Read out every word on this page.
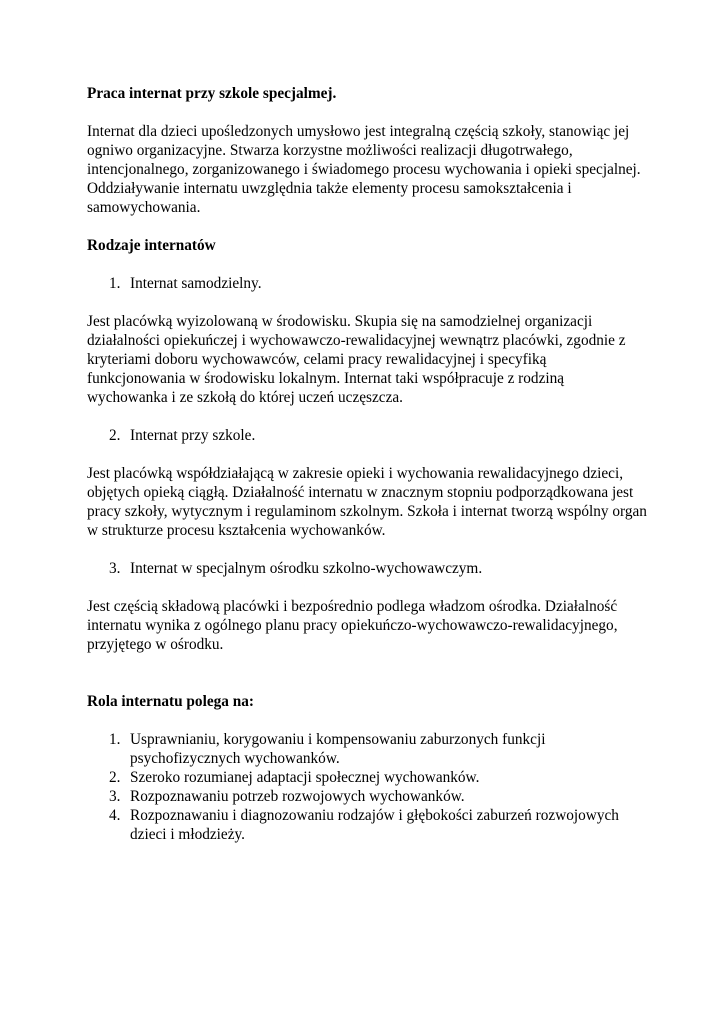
Praca internat przy szkole specjalmej.

Internat dla dzieci upośledzonych umysłowo jest integralną częścią szkoły, stanowiąc jej ogniwo organizacyjne. Stwarza korzystne możliwości realizacji długotrwałego, intencjonalnego, zorganizowanego i świadomego procesu wychowania i opieki specjalnej.
Oddziaływanie internatu uwzględnia także elementy procesu samokształcenia i samowychowania.

Rodzaje internatów

1. Internat samodzielny.

Jest placówką wyizolowaną w środowisku. Skupia się na samodzielnej organizacji działalności opiekuńczej i wychowawczo-rewalidacyjnej wewnątrz placówki, zgodnie z kryteriami doboru wychowawców, celami pracy rewalidacyjnej i specyfiką funkcjonowania w środowisku lokalnym. Internat taki współpracuje z rodziną wychowanka i ze szkołą do której uczeń uczęszcza.

2. Internat przy szkole.

Jest placówką współdziałającą w zakresie opieki i wychowania rewalidacyjnego dzieci, objętych opieką ciągłą. Działalność internatu w znacznym stopniu podporządkowana jest pracy szkoły, wytycznym i regulaminom szkolnym. Szkoła i internat tworzą wspólny organ w strukturze procesu kształcenia wychowanków.

3. Internat w specjalnym ośrodku szkolno-wychowawczym.

Jest częścią składową placówki i bezpośrednio podlega władzom ośrodka. Działalność internatu wynika z ogólnego planu pracy opiekuńczo-wychowawczo-rewalidacyjnego, przyjętego w ośrodku.

Rola internatu polega na:

1. Usprawnianiu, korygowaniu i kompensowaniu zaburzonych funkcji psychofizycznych wychowanków.
2. Szeroko rozumianej adaptacji społecznej wychowanków.
3. Rozpoznawaniu potrzeb rozwojowych wychowanków.
4. Rozpoznawaniu i diagnozowaniu rodzajów i głębokości zaburzeń rozwojowych dzieci i młodzieży.
